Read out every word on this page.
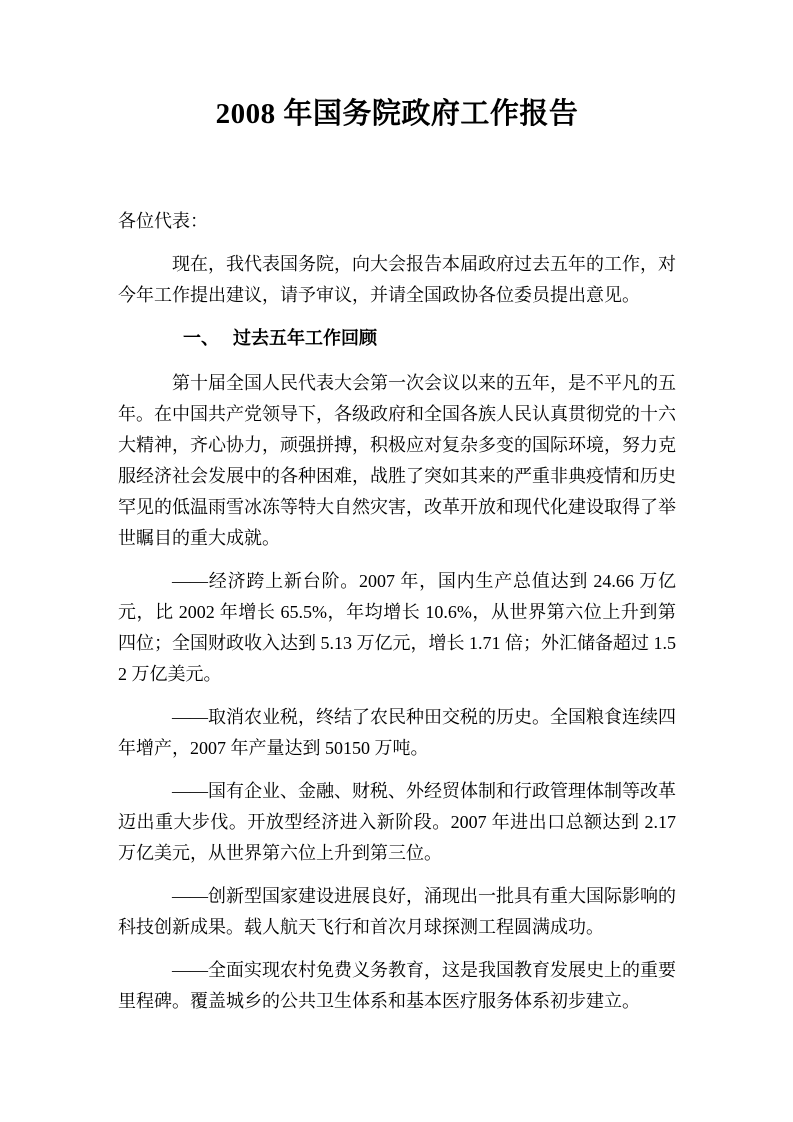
2008 年国务院政府工作报告

各位代表：

现在，我代表国务院，向大会报告本届政府过去五年的工作，对今年工作提出建议，请予审议，并请全国政协各位委员提出意见。

一、 过去五年工作回顾

第十届全国人民代表大会第一次会议以来的五年，是不平凡的五年。在中国共产党领导下，各级政府和全国各族人民认真贯彻党的十六大精神，齐心协力，顽强拼搏，积极应对复杂多变的国际环境，努力克服经济社会发展中的各种困难，战胜了突如其来的严重非典疫情和历史罕见的低温雨雪冰冻等特大自然灾害，改革开放和现代化建设取得了举世瞩目的重大成就。

——经济跨上新台阶。2007 年，国内生产总值达到 24.66 万亿元，比 2002 年增长 65.5%，年均增长 10.6%，从世界第六位上升到第四位；全国财政收入达到 5.13 万亿元，增长 1.71 倍；外汇储备超过 1.52 万亿美元。

——取消农业税，终结了农民种田交税的历史。全国粮食连续四年增产，2007 年产量达到 50150 万吨。

——国有企业、金融、财税、外经贸体制和行政管理体制等改革迈出重大步伐。开放型经济进入新阶段。2007 年进出口总额达到 2.17 万亿美元，从世界第六位上升到第三位。

——创新型国家建设进展良好，涌现出一批具有重大国际影响的科技创新成果。载人航天飞行和首次月球探测工程圆满成功。

——全面实现农村免费义务教育，这是我国教育发展史上的重要里程碑。覆盖城乡的公共卫生体系和基本医疗服务体系初步建立。
